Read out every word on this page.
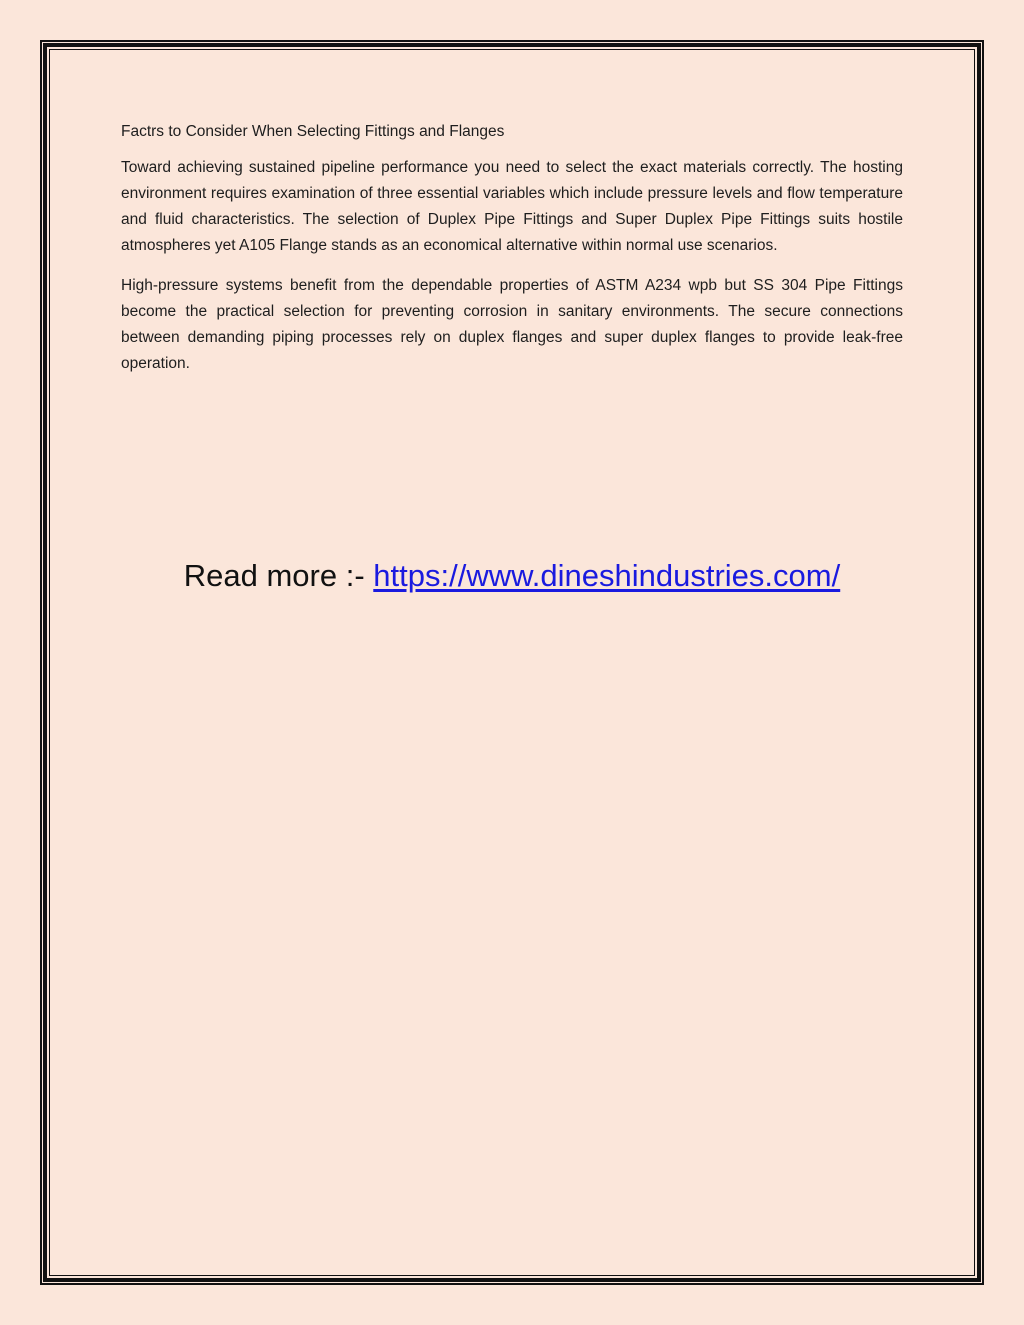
Factrs to Consider When Selecting Fittings and Flanges

Toward achieving sustained pipeline performance you need to select the exact materials correctly. The hosting environment requires examination of three essential variables which include pressure levels and flow temperature and fluid characteristics. The selection of Duplex Pipe Fittings and Super Duplex Pipe Fittings suits hostile atmospheres yet A105 Flange stands as an economical alternative within normal use scenarios.

High-pressure systems benefit from the dependable properties of ASTM A234 wpb but SS 304 Pipe Fittings become the practical selection for preventing corrosion in sanitary environments. The secure connections between demanding piping processes rely on duplex flanges and super duplex flanges to provide leak-free operation.

Read more :- https://www.dineshindustries.com/
